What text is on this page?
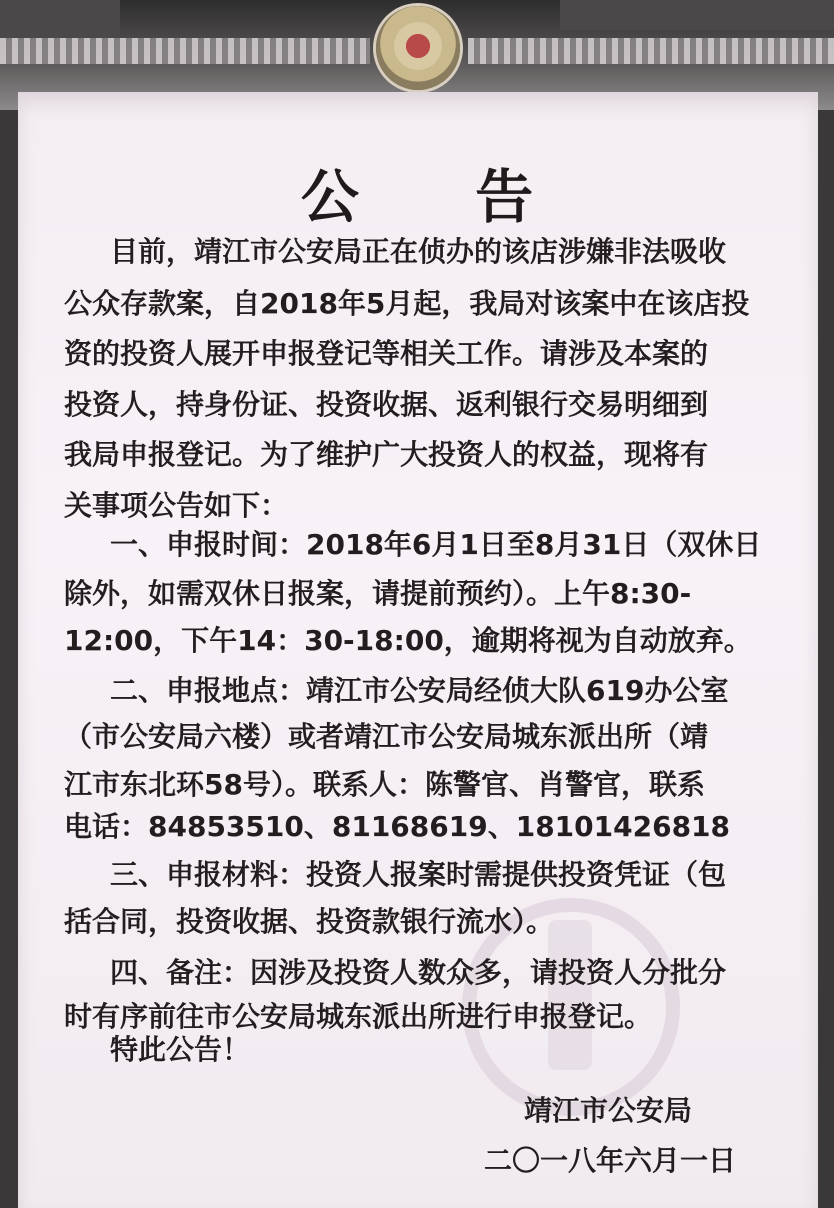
公 告
目前，靖江市公安局正在侦办的该店涉嫌非法吸收
公众存款案，自2018年5月起，我局对该案中在该店投
资的投资人展开申报登记等相关工作。请涉及本案的
投资人，持身份证、投资收据、返利银行交易明细到
我局申报登记。为了维护广大投资人的权益，现将有
关事项公告如下：
一、申报时间：2018年6月1日至8月31日（双休日
除外，如需双休日报案，请提前预约）。上午8:30-
12:00，下午14：30-18:00，逾期将视为自动放弃。
二、申报地点：靖江市公安局经侦大队619办公室
（市公安局六楼）或者靖江市公安局城东派出所（靖
江市东北环58号）。联系人：陈警官、肖警官，联系
电话：84853510、81168619、18101426818
三、申报材料：投资人报案时需提供投资凭证（包
括合同，投资收据、投资款银行流水）。
四、备注：因涉及投资人数众多，请投资人分批分
时有序前往市公安局城东派出所进行申报登记。
特此公告！
靖江市公安局
二〇一八年六月一日
